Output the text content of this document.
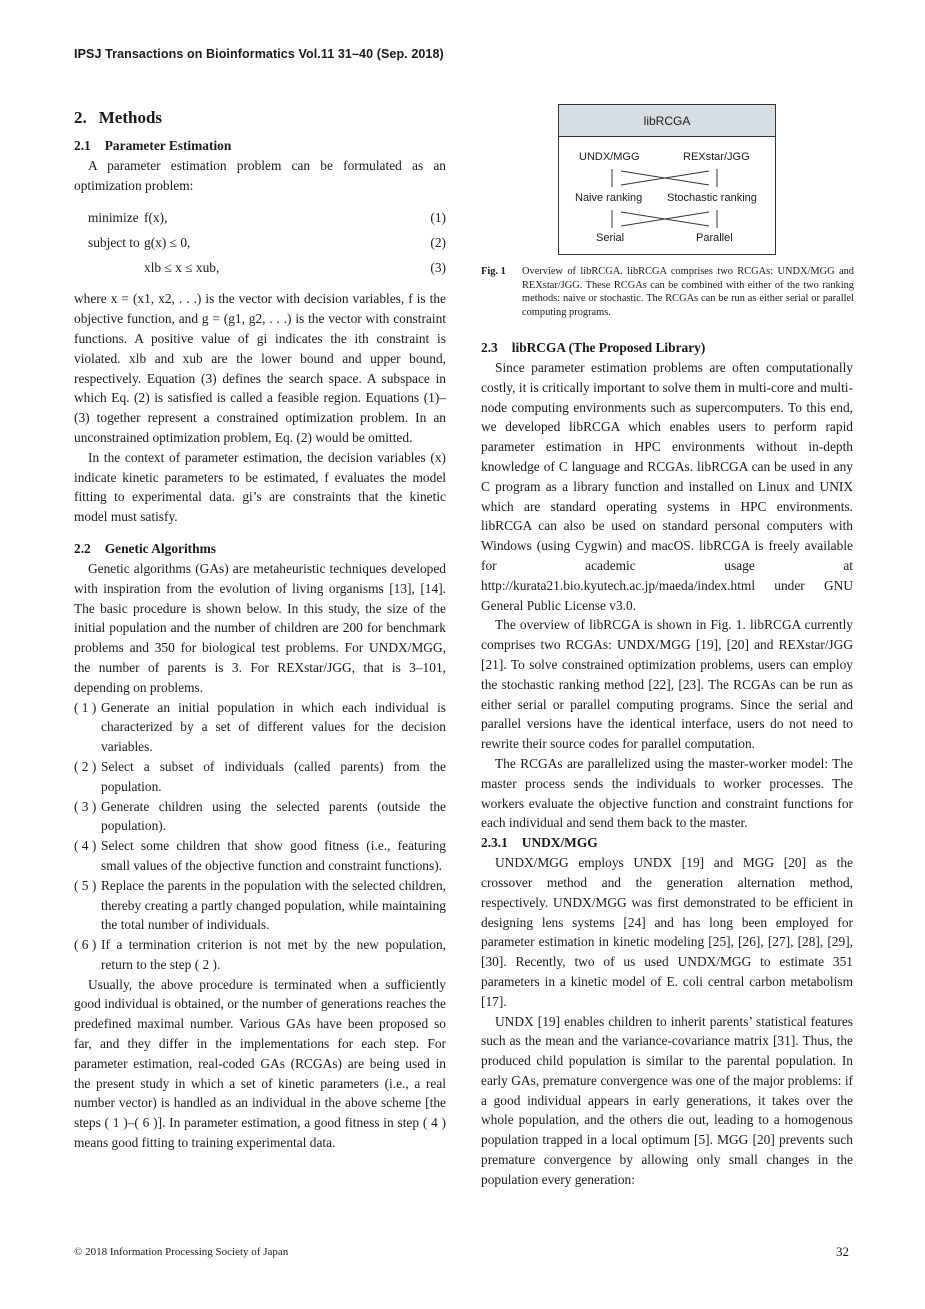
IPSJ Transactions on Bioinformatics Vol.11 31–40 (Sep. 2018)
2. Methods
2.1 Parameter Estimation
A parameter estimation problem can be formulated as an optimization problem:
minimize f(x),	(1)
subject to g(x) ≤ 0,	(2)
xlb ≤ x ≤ xub,	(3)
where x = (x1, x2, . . .) is the vector with decision variables, f is the objective function, and g = (g1, g2, . . .) is the vector with constraint functions. A positive value of gi indicates the ith constraint is violated. xlb and xub are the lower bound and upper bound, respectively. Equation (3) defines the search space. A subspace in which Eq. (2) is satisfied is called a feasible region. Equations (1)–(3) together represent a constrained optimization problem. In an unconstrained optimization problem, Eq. (2) would be omitted.
In the context of parameter estimation, the decision variables (x) indicate kinetic parameters to be estimated, f evaluates the model fitting to experimental data. gi’s are constraints that the kinetic model must satisfy.
2.2 Genetic Algorithms
Genetic algorithms (GAs) are metaheuristic techniques developed with inspiration from the evolution of living organisms [13], [14]. The basic procedure is shown below. In this study, the size of the initial population and the number of children are 200 for benchmark problems and 350 for biological test problems. For UNDX/MGG, the number of parents is 3. For REXstar/JGG, that is 3–101, depending on problems.
( 1 ) Generate an initial population in which each individual is characterized by a set of different values for the decision variables.
( 2 ) Select a subset of individuals (called parents) from the population.
( 3 ) Generate children using the selected parents (outside the population).
( 4 ) Select some children that show good fitness (i.e., featuring small values of the objective function and constraint functions).
( 5 ) Replace the parents in the population with the selected children, thereby creating a partly changed population, while maintaining the total number of individuals.
( 6 ) If a termination criterion is not met by the new population, return to the step ( 2 ).
Usually, the above procedure is terminated when a sufficiently good individual is obtained, or the number of generations reaches the predefined maximal number. Various GAs have been proposed so far, and they differ in the implementations for each step. For parameter estimation, real-coded GAs (RCGAs) are being used in the present study in which a set of kinetic parameters (i.e., a real number vector) is handled as an individual in the above scheme [the steps ( 1 )–( 6 )]. In parameter estimation, a good fitness in step ( 4 ) means good fitting to training experimental data.
libRCGA
UNDX/MGG	REXstar/JGG
Naive ranking Stochastic ranking
Serial	Parallel
Fig. 1	Overview of libRCGA. libRCGA comprises two RCGAs: UNDX/MGG and REXstar/JGG. These RCGAs can be combined with either of the two ranking methods: naive or stochastic. The RCGAs can be run as either serial or parallel computing programs.
2.3 libRCGA (The Proposed Library)
Since parameter estimation problems are often computationally costly, it is critically important to solve them in multi-core and multi-node computing environments such as supercomputers. To this end, we developed libRCGA which enables users to perform rapid parameter estimation in HPC environments without in-depth knowledge of C language and RCGAs. libRCGA can be used in any C program as a library function and installed on Linux and UNIX which are standard operating systems in HPC environments. libRCGA can also be used on standard personal computers with Windows (using Cygwin) and macOS. libRCGA is freely available for academic usage at http://kurata21.bio.kyutech.ac.jp/maeda/index.html under GNU General Public License v3.0.
The overview of libRCGA is shown in Fig. 1. libRCGA currently comprises two RCGAs: UNDX/MGG [19], [20] and REXstar/JGG [21]. To solve constrained optimization problems, users can employ the stochastic ranking method [22], [23]. The RCGAs can be run as either serial or parallel computing programs. Since the serial and parallel versions have the identical interface, users do not need to rewrite their source codes for parallel computation.
The RCGAs are parallelized using the master-worker model: The master process sends the individuals to worker processes. The workers evaluate the objective function and constraint functions for each individual and send them back to the master.
2.3.1 UNDX/MGG
UNDX/MGG employs UNDX [19] and MGG [20] as the crossover method and the generation alternation method, respectively. UNDX/MGG was first demonstrated to be efficient in designing lens systems [24] and has long been employed for parameter estimation in kinetic modeling [25], [26], [27], [28], [29], [30]. Recently, two of us used UNDX/MGG to estimate 351 parameters in a kinetic model of E. coli central carbon metabolism [17].
UNDX [19] enables children to inherit parents’ statistical features such as the mean and the variance-covariance matrix [31]. Thus, the produced child population is similar to the parental population. In early GAs, premature convergence was one of the major problems: if a good individual appears in early generations, it takes over the whole population, and the others die out, leading to a homogenous population trapped in a local optimum [5]. MGG [20] prevents such premature convergence by allowing only small changes in the population every generation:
© 2018 Information Processing Society of Japan	32
